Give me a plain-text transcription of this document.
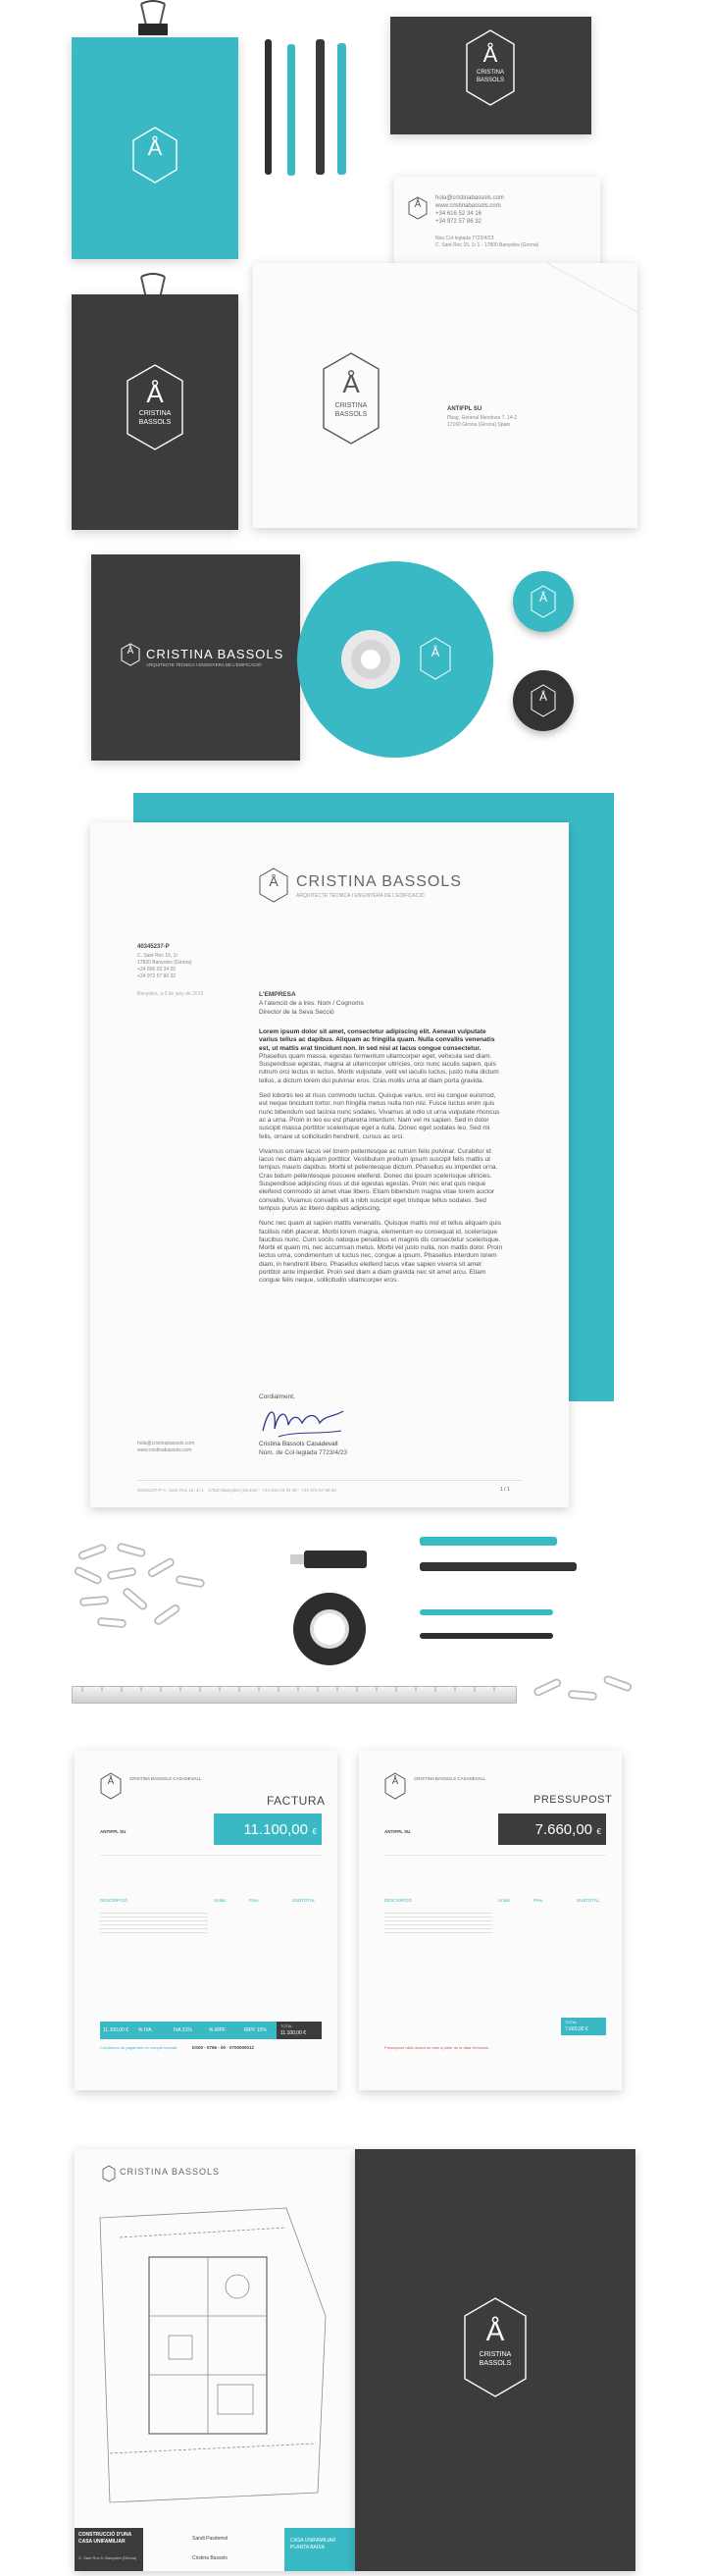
Å
Å
CRISTINA
BASSOLS
Å
hola@cristinabassols.com
www.cristinabassols.com
+34 616 52 34 16
+34 972 57 86 32
Nou Col·legiada 7723/4/23
C. Sant Roc 15, 1r 1 - 17800 Banyoles (Girona)
Å
CRISTINA
BASSOLS
Å
CRISTINA
BASSOLS
ANTIFPL SU
Pbag. General Mendoza 7, 14-2
17160 Girona (Girona) Spain
Å CRISTINA BASSOLS
ARQUITECTE TÈCNICA I ENGINYERA DE L'EDIFICACIÓ
Å
Å
Å
Å	CRISTINA BASSOLS
ARQUITECTE TÈCNICA I ENGINYERA DE L'EDIFICACIÓ
40345237-P
C. Sant Roc 15, 1r
17820 Banyoles (Girona)
+34 606 03 34 00
+34 972 57 86 32
Banyoles, a 6 de juny de 2013	L'EMPRESA
A l'atenció de a lres. Nom / Cognoms
Director de la Seva Secció

Lorem ipsum dolor sit amet, consectetur adipiscing elit. Aenean vulputate varius tellus ac dapibus. Aliquam ac fringilla quam. Nulla convallis venenatis est, ut mattis erat tincidunt non. In sed nisl at lacus congue consectetur.

Phasellus quam massa, egestas fermentum ullamcorper eget, vehicula sed diam. Suspendisse egestas, magna at ullamcorper ultricies, orci nunc iaculis sapien, quis rutrum orci lectus in lectus. Morbi vulputate, velit vel iaculis luctus, justo nulla dictum tellus, a dictum lorem dui pulvinar eros. Cras mollis urna at diam porta gravida.

Sed lobortis leo at risus commodo luctus. Quisque varius, orci eu congue euismod, est neque tincidunt tortor, non fringilla metus nulla non nisi. Fusce luctus enim quis nunc bibendum sed lacinia nunc sodales. Vivamus at odio ut urna vulputate rhoncus ac a urna. Proin in leo eu est pharetra interdum. Nam vel mi sapien. Sed in dolor suscipit massa porttitor scelerisque eget a nulla. Donec eget sodales leo. Sed mi felis, ornare ut sollicitudin hendrerit, cursus ac orci.

Vivamus ornare lacus vel lorem pellentesque ac rutrum felis pulvinar. Curabitur id lacus nec diam aliquam porttitor. Vestibulum pretium ipsum suscipit felis mattis ut tempus mauris dapibus. Morbi et pellentesque dictum. Phasellus eu imperdiet urna. Cras bidum pellentesque posuere eleifend. Donec dui ipsum scelerisque ultricies. Suspendisse adipiscing risus ut dui egestas egestas. Proin nec erat quis neque eleifend commodo sit amet vitae libero. Etiam bibendum magna vitae lorem auctor convallis. Vivamus convallis elit a nibh suscipit eget tristique tellus sodales. Sed tempus purus ac libero dapibus adipiscing.

Nunc nec quam at sapien mattis venenatis. Quisque mattis nisl et tellus aliquam quis facilisis nibh placerat. Morbi lorem magna, elementum eu consequat id, scelerisque faucibus nunc. Cum sociis natoque penatibus et magnis dis consectetur scelerisque. Morbi et quam mi, nec accumsan metus. Morbi vel justo nulla, non mattis dolor. Proin lectus urna, condimentum ut luctus nec, congue a ipsum. Phasellus interdum lorem diam, in hendrerit libero. Phasellus eleifend lacus vitae sapien viverra sit amet porttitor ante imperdiet. Proin sed diam a diam gravida nec sit amet arcu. Etiam congue felis neque, sollicitudin ullamcorper eros.

Cordialment,
Cristina Bassols Casadevall
Núm. de Col·legiada 7723/4/23
hola@cristinabassols.com
www.cristinabassols.com
40345237-P C. Sant Roc 15, 1r 1 · 17820 Banyoles (Girona) · +34 616 03 34 00 · +34 972 57 86 32	1 / 1
Å	CRISTINA BASSOLS CASADEVALL
FACTURA
ANTIFPL SU	11.100,00 €
DESCRIPCIÓ	Unitat	Preu	SUBTOTAL
11.100,00 €	% IVA	IVA 21%	% IRPF	IRPF 15%
TOTAL
11.100,00 €
Condicions de pagament en compte bancari:	ES00 - 0766 - 00 - 0700000012
Å	CRISTINA BASSOLS CASADEVALL
PRESSUPOST
ANTIFPL SU	7.660,00 €
DESCRIPCIÓ	Unitat	Preu	SUBTOTAL
TOTAL
7.660,00 €
Pressupost vàlid durant un mes a partir de la data d'emissió.
CRISTINA BASSOLS
CONSTRUCCIÓ D'UNA CASA UNIFAMILIAR
C. Sant Roc 5, Banyoles (Girona)
Sandi Pasdemol
Cristina Bassols
CASA UNIFAMILIAR PLANTA BAIXA
Å
CRISTINA
BASSOLS
